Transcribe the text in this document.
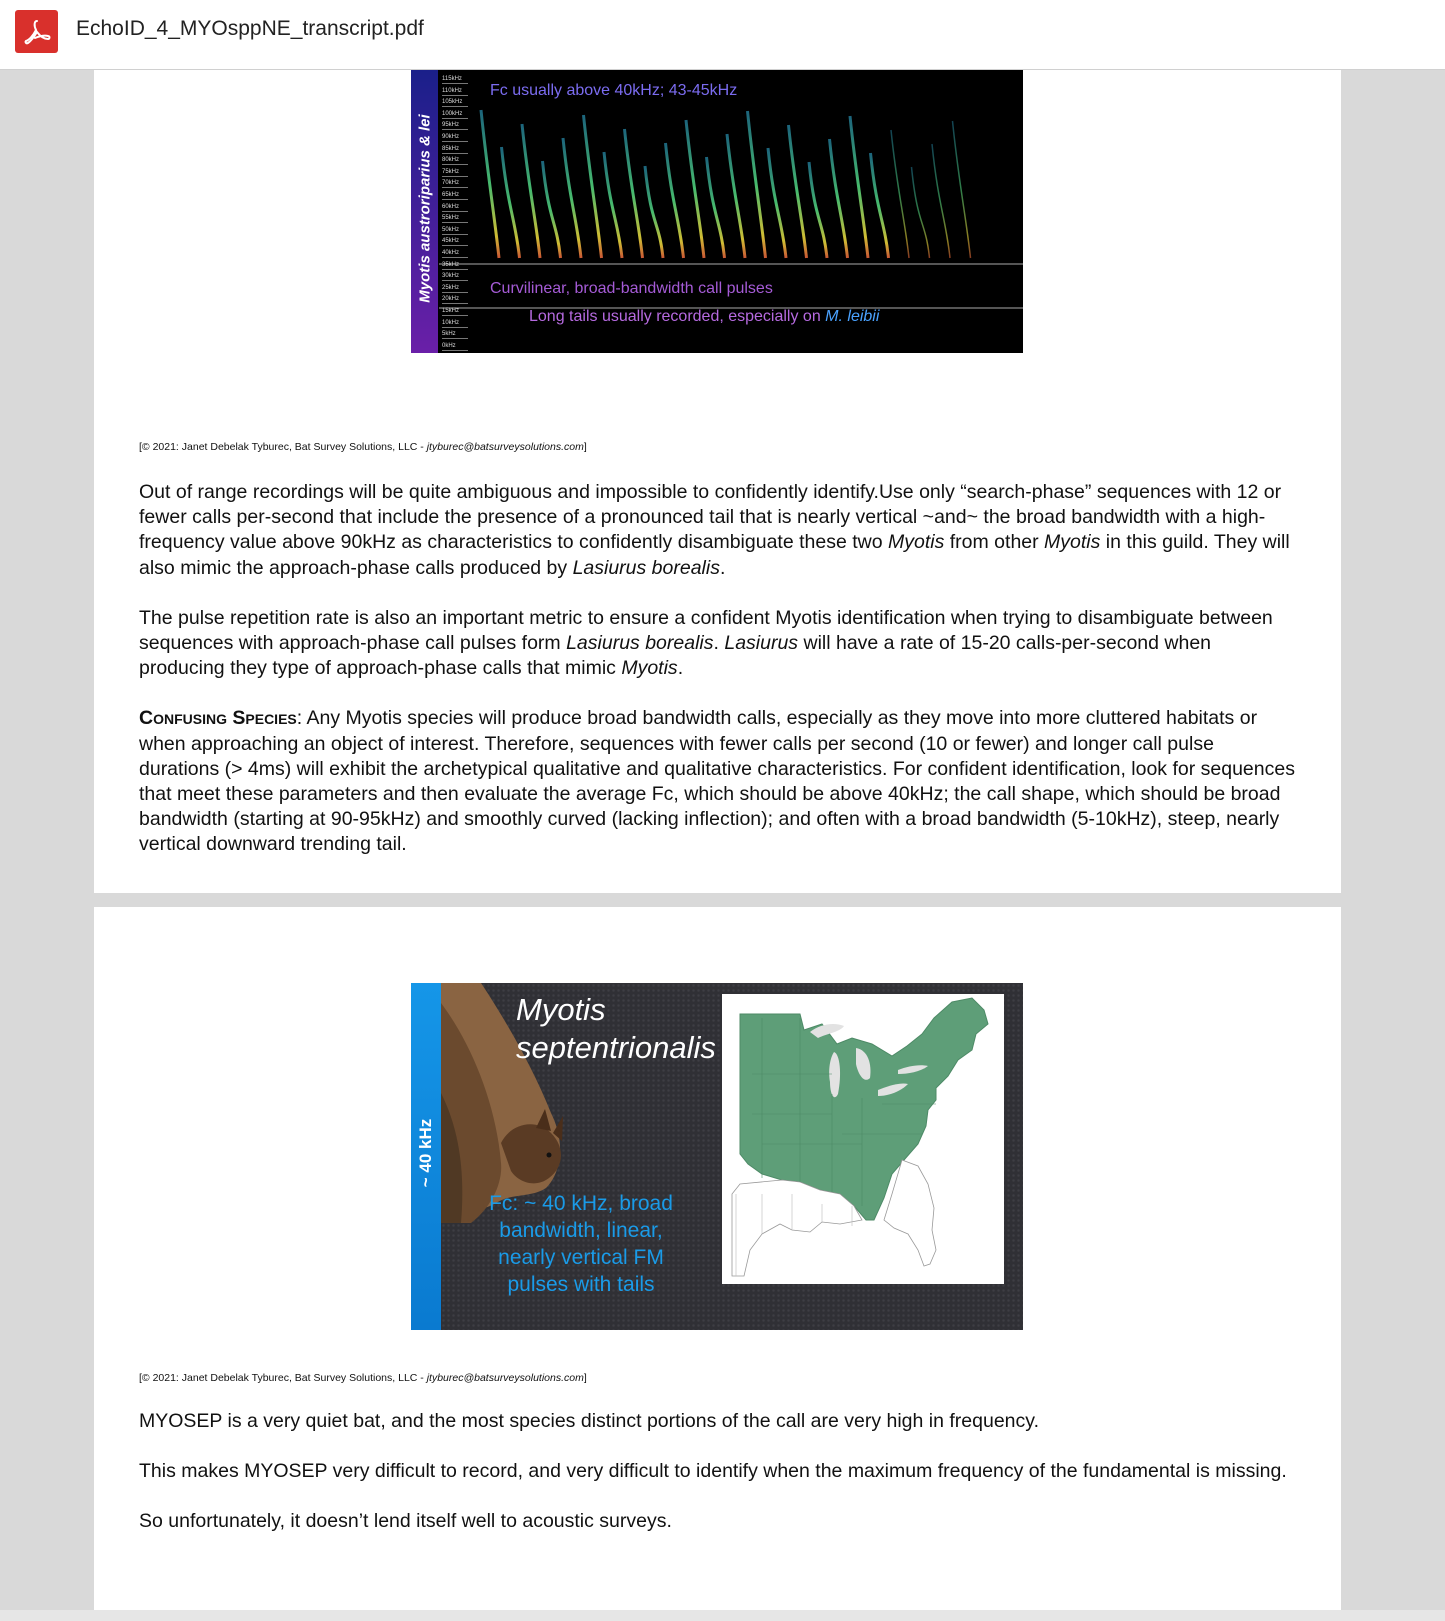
EchoID_4_MYOsppNE_transcript.pdf
Myotis austroriparius & lei
115kHz
110kHz
105kHz
100kHz
95kHz
90kHz
85kHz
80kHz
75kHz
70kHz
65kHz
60kHz
55kHz
50kHz
45kHz
40kHz
35kHz
30kHz
25kHz
20kHz
15kHz
10kHz
5kHz
0kHz
Fc usually above 40kHz; 43-45kHz
Curvilinear, broad-bandwidth call pulses
Long tails usually recorded, especially on M. leibii
[© 2021: Janet Debelak Tyburec, Bat Survey Solutions, LLC - jtyburec@batsurveysolutions.com]

Out of range recordings will be quite ambiguous and impossible to confidently identify.Use only “search-phase” sequences with 12 or fewer calls per-second that include the presence of a pronounced tail that is nearly vertical ~and~ the broad bandwidth with a high-frequency value above 90kHz as characteristics to confidently disambiguate these two Myotis from other Myotis in this guild. They will also mimic the approach-phase calls produced by Lasiurus borealis.

The pulse repetition rate is also an important metric to ensure a confident Myotis identification when trying to disambiguate between sequences with approach-phase call pulses form Lasiurus borealis. Lasiurus will have a rate of 15-20 calls-per-second when producing they type of approach-phase calls that mimic Myotis.

Confusing Species: Any Myotis species will produce broad bandwidth calls, especially as they move into more cluttered habitats or when approaching an object of interest. Therefore, sequences with fewer calls per second (10 or fewer) and longer call pulse durations (> 4ms) will exhibit the archetypical qualitative and qualitative characteristics. For confident identification, look for sequences that meet these parameters and then evaluate the average Fc, which should be above 40kHz; the call shape, which should be broad bandwidth (starting at 90-95kHz) and smoothly curved (lacking inflection); and often with a broad bandwidth (5-10kHz), steep, nearly vertical downward trending tail.

~ 40 kHz
Myotis
septentrionalis
Fc: ~ 40 kHz, broad
bandwidth, linear,
nearly vertical FM
pulses with tails
[© 2021: Janet Debelak Tyburec, Bat Survey Solutions, LLC - jtyburec@batsurveysolutions.com]

MYOSEP is a very quiet bat, and the most species distinct portions of the call are very high in frequency.

This makes MYOSEP very difficult to record, and very difficult to identify when the maximum frequency of the fundamental is missing.

So unfortunately, it doesn’t lend itself well to acoustic surveys.
